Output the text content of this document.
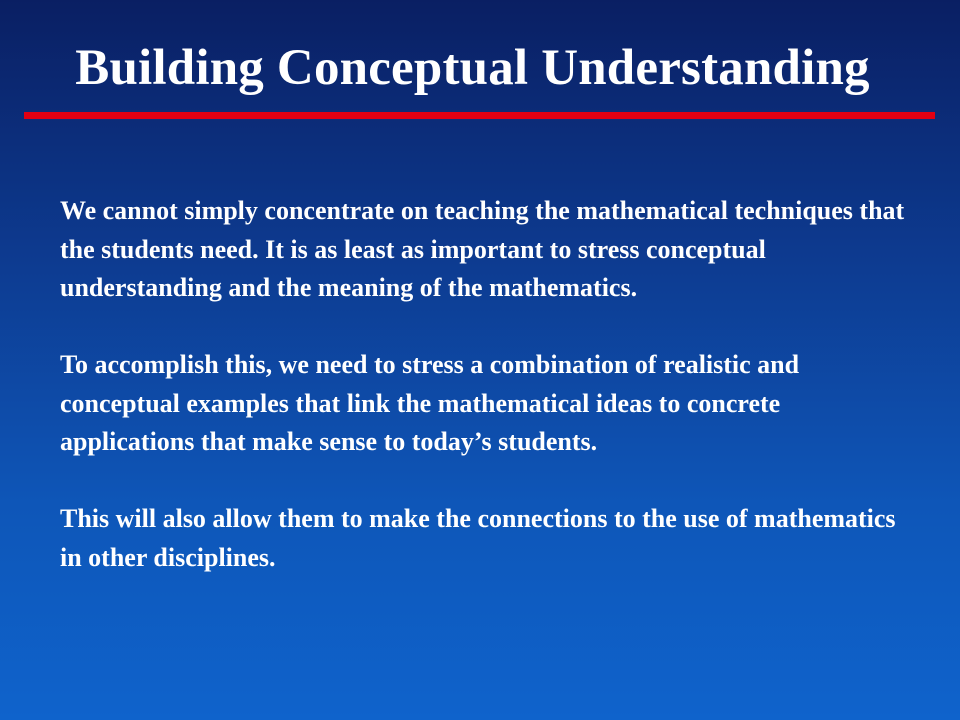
Building Conceptual Understanding

We cannot simply concentrate on teaching the mathematical techniques that the students need. It is as least as important to stress conceptual understanding and the meaning of the mathematics.

To accomplish this, we need to stress a combination of realistic and conceptual examples that link the mathematical ideas to concrete applications that make sense to today’s students.

This will also allow them to make the connections to the use of mathematics in other disciplines.
